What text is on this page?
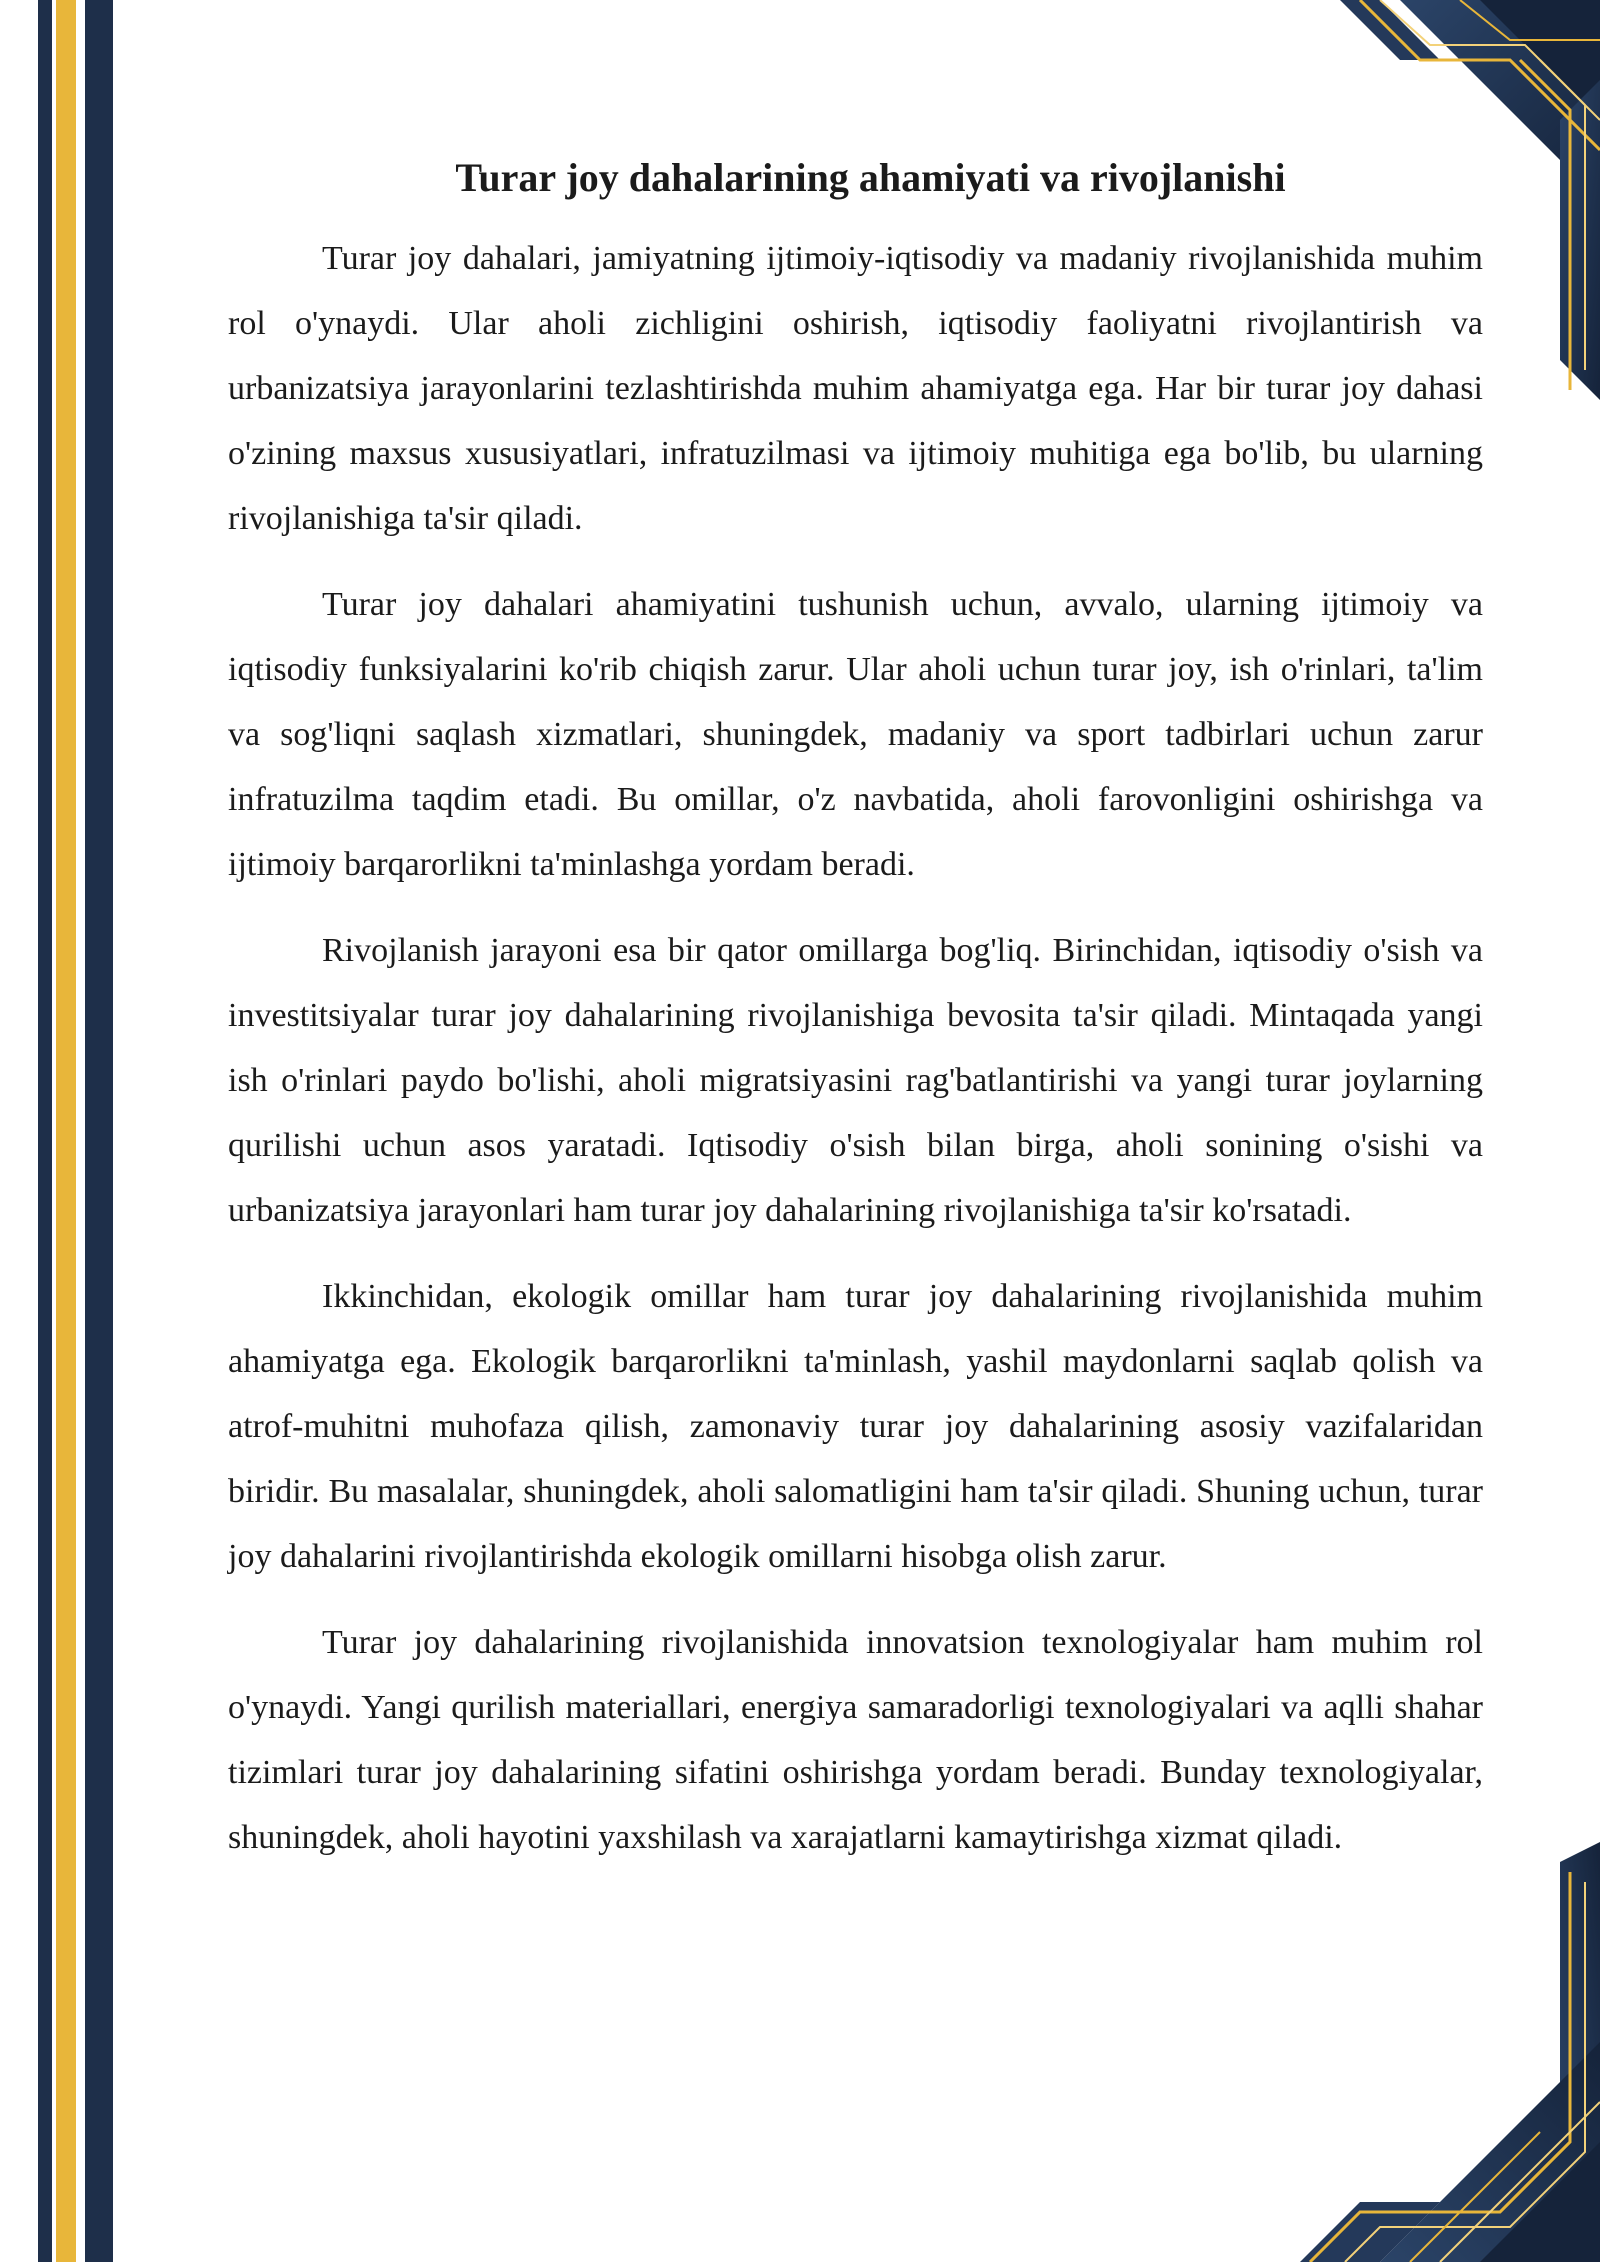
Turar joy dahalarining ahamiyati va rivojlanishi

Turar joy dahalari, jamiyatning ijtimoiy-iqtisodiy va madaniy rivojlanishida muhim rol o'ynaydi. Ular aholi zichligini oshirish, iqtisodiy faoliyatni rivojlantirish va urbanizatsiya jarayonlarini tezlashtirishda muhim ahamiyatga ega. Har bir turar joy dahasi o'zining maxsus xususiyatlari, infratuzilmasi va ijtimoiy muhitiga ega bo'lib, bu ularning rivojlanishiga ta'sir qiladi.

Turar joy dahalari ahamiyatini tushunish uchun, avvalo, ularning ijtimoiy va iqtisodiy funksiyalarini ko'rib chiqish zarur. Ular aholi uchun turar joy, ish o'rinlari, ta'lim va sog'liqni saqlash xizmatlari, shuningdek, madaniy va sport tadbirlari uchun zarur infratuzilma taqdim etadi. Bu omillar, o'z navbatida, aholi farovonligini oshirishga va ijtimoiy barqarorlikni ta'minlashga yordam beradi.

Rivojlanish jarayoni esa bir qator omillarga bog'liq. Birinchidan, iqtisodiy o'sish va investitsiyalar turar joy dahalarining rivojlanishiga bevosita ta'sir qiladi. Mintaqada yangi ish o'rinlari paydo bo'lishi, aholi migratsiyasini rag'batlantirishi va yangi turar joylarning qurilishi uchun asos yaratadi. Iqtisodiy o'sish bilan birga, aholi sonining o'sishi va urbanizatsiya jarayonlari ham turar joy dahalarining rivojlanishiga ta'sir ko'rsatadi.

Ikkinchidan, ekologik omillar ham turar joy dahalarining rivojlanishida muhim ahamiyatga ega. Ekologik barqarorlikni ta'minlash, yashil maydonlarni saqlab qolish va atrof-muhitni muhofaza qilish, zamonaviy turar joy dahalarining asosiy vazifalaridan biridir. Bu masalalar, shuningdek, aholi salomatligini ham ta'sir qiladi. Shuning uchun, turar joy dahalarini rivojlantirishda ekologik omillarni hisobga olish zarur.

Turar joy dahalarining rivojlanishida innovatsion texnologiyalar ham muhim rol o'ynaydi. Yangi qurilish materiallari, energiya samaradorligi texnologiyalari va aqlli shahar tizimlari turar joy dahalarining sifatini oshirishga yordam beradi. Bunday texnologiyalar, shuningdek, aholi hayotini yaxshilash va xarajatlarni kamaytirishga xizmat qiladi.
